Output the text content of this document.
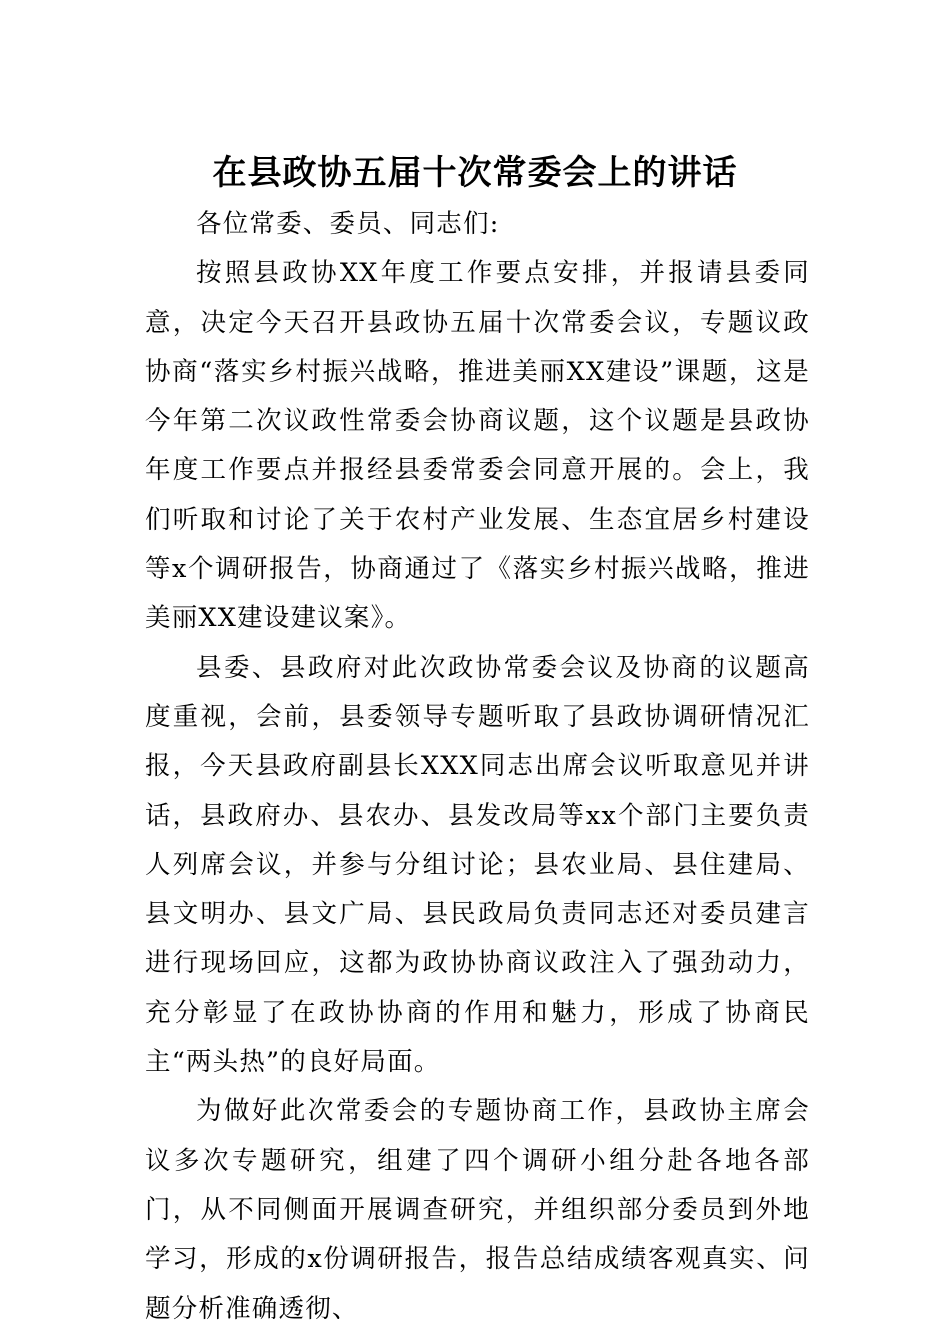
在县政协五届十次常委会上的讲话

各位常委、委员、同志们:

按照县政协XX年度工作要点安排，并报请县委同意，决定今天召开县政协五届十次常委会议，专题议政协商“落实乡村振兴战略，推进美丽XX建设”课题，这是今年第二次议政性常委会协商议题，这个议题是县政协年度工作要点并报经县委常委会同意开展的。会上，我们听取和讨论了关于农村产业发展、生态宜居乡村建设等x个调研报告，协商通过了《落实乡村振兴战略，推进美丽XX建设建议案》。

县委、县政府对此次政协常委会议及协商的议题高度重视，会前，县委领导专题听取了县政协调研情况汇报，今天县政府副县长XXX同志出席会议听取意见并讲话，县政府办、县农办、县发改局等xx个部门主要负责人列席会议，并参与分组讨论；县农业局、县住建局、县文明办、县文广局、县民政局负责同志还对委员建言进行现场回应，这都为政协协商议政注入了强劲动力，充分彰显了在政协协商的作用和魅力，形成了协商民主“两头热”的良好局面。

为做好此次常委会的专题协商工作，县政协主席会议多次专题研究，组建了四个调研小组分赴各地各部门，从不同侧面开展调查研究，并组织部分委员到外地学习，形成的x份调研报告，报告总结成绩客观真实、问题分析准确透彻、
